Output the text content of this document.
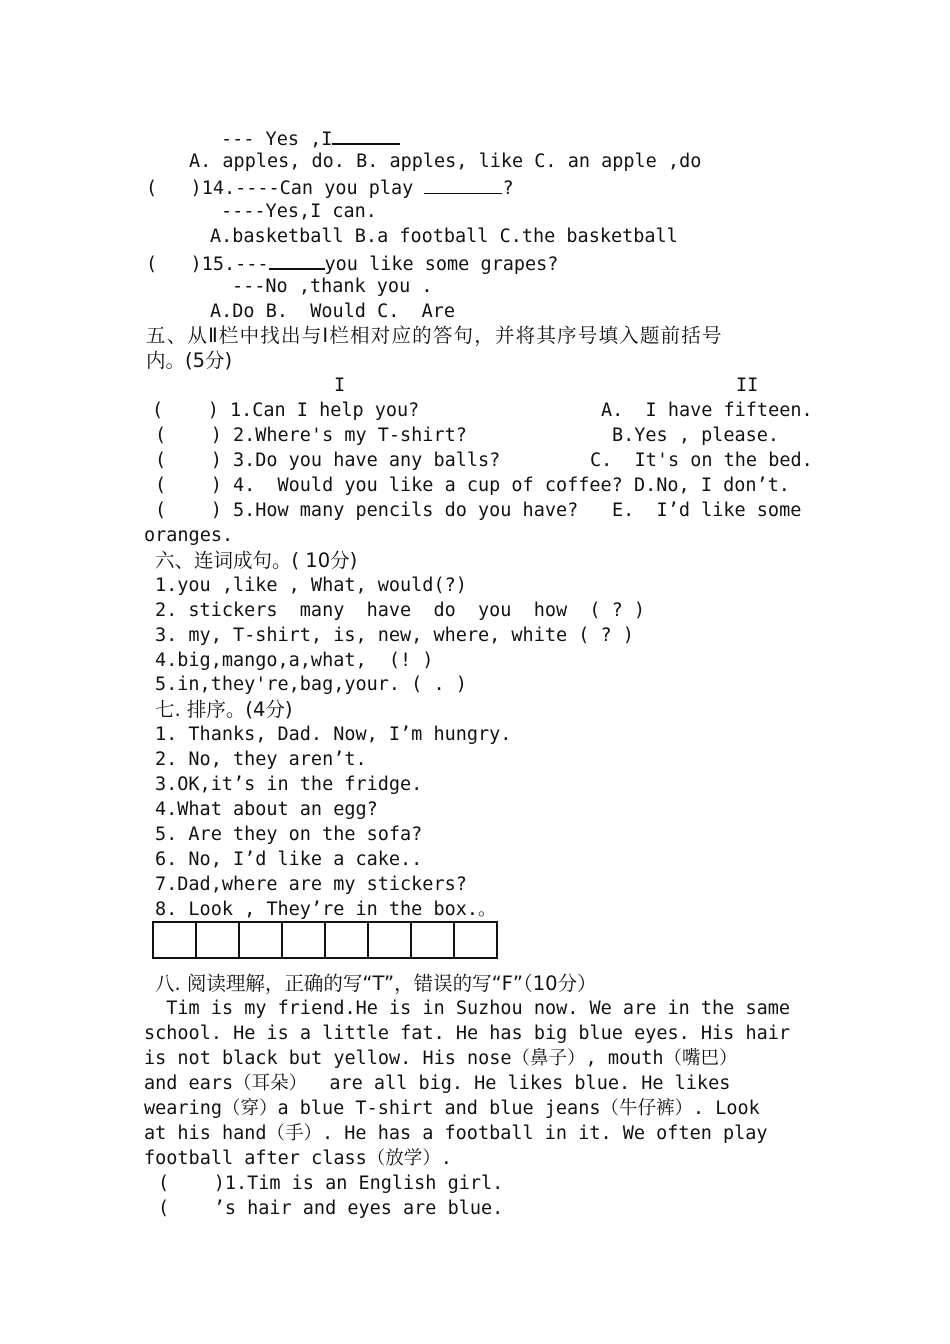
--- Yes ,I
A. apples, do. B. apples, like C. an apple ,do
(   )14.----Can you play	?
----Yes,I can.
A.basketball B.a football C.the basketball
(   )15.---	you like some grapes?
---No ,thank you .
A.Do B.  Would C.  Are
五、从Ⅱ栏中找出与Ⅰ栏相对应的答句，并将其序号填入题前括号
内。(5分)
I	II
(    ) 1.Can I help you?	A.  I have fifteen.
(    ) 2.Where's my T-shirt?	B.Yes , please.
(    ) 3.Do you have any balls?	C.  It's on the bed.
(    ) 4.  Would you like a cup of coffee? D.No, I don’t.
(    ) 5.How many pencils do you have? E.  I’d like some
oranges.
六、连词成句。( 10分)
1.you ,like , What, would(?)
2. stickers  many  have  do  you  how  ( ? )
3. my, T-shirt, is, new, where, white ( ? )
4.big,mango,a,what,  (! )
5.in,they're,bag,your. ( . )
七. 排序。(4分)
1. Thanks, Dad. Now, I’m hungry.
2. No, they aren’t.
3.OK,it’s in the fridge.
4.What about an egg?
5. Are they on the sofa?
6. No, I’d like a cake..
7.Dad,where are my stickers?
8. Look , They’re in the box.。
八. 阅读理解，正确的写“T”，错误的写“F”（10分）
Tim is my friend.He is in Suzhou now. We are in the same
school. He is a little fat. He has big blue eyes. His hair
is not black but yellow. His nose（鼻子）, mouth（嘴巴）
and ears（耳朵）  are all big. He likes blue. He likes
wearing（穿）a blue T-shirt and blue jeans（牛仔裤）. Look
at his hand（手）. He has a football in it. We often play
football after class（放学）.
(    )1.Tim is an English girl.
(    ’s hair and eyes are blue.
